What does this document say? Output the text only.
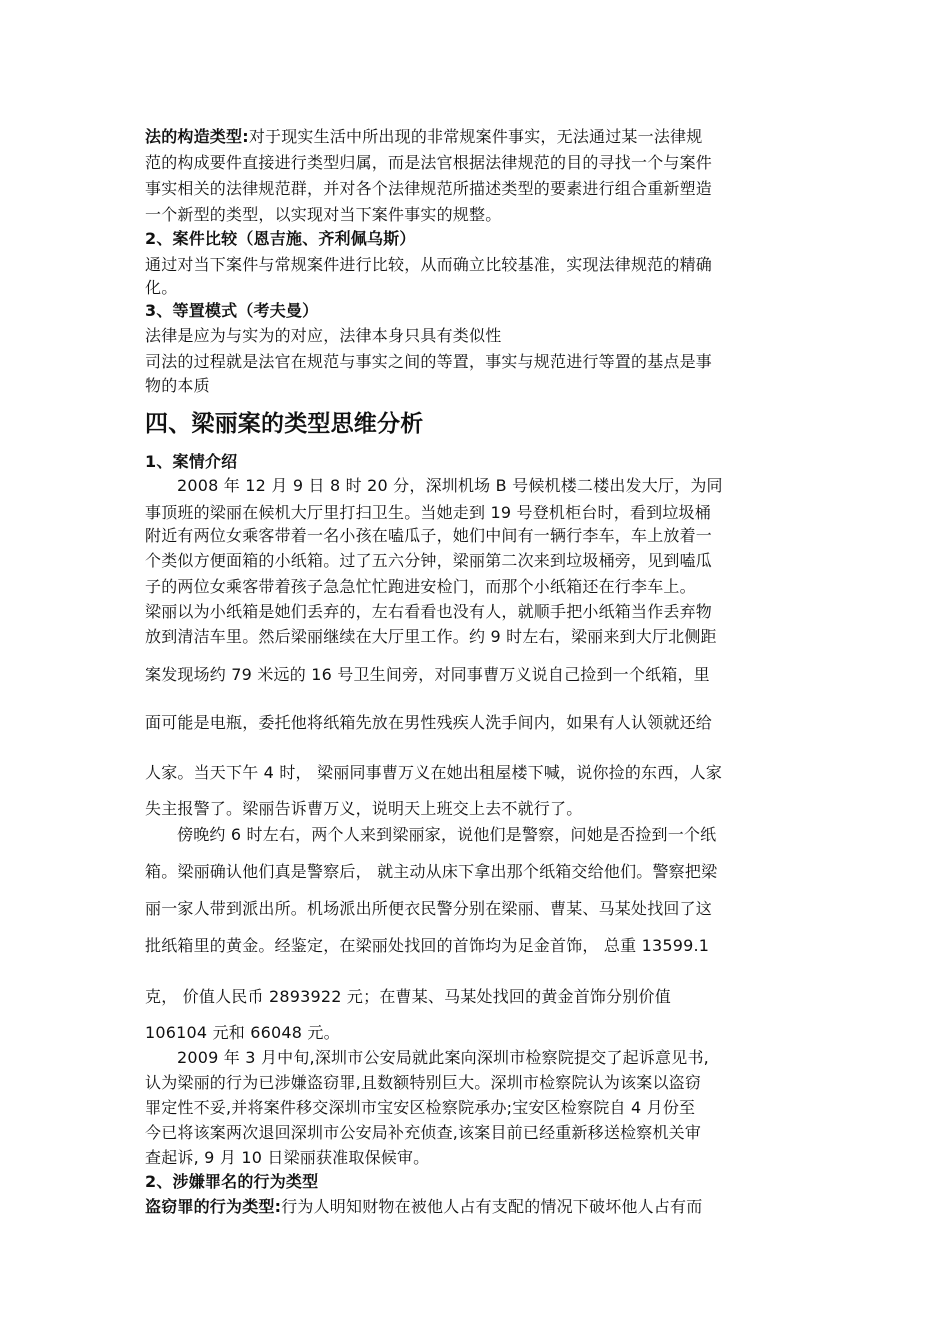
法的构造类型:对于现实生活中所出现的非常规案件事实，无法通过某一法律规
范的构成要件直接进行类型归属，而是法官根据法律规范的目的寻找一个与案件
事实相关的法律规范群，并对各个法律规范所描述类型的要素进行组合重新塑造
一个新型的类型，以实现对当下案件事实的规整。
2、案件比较（恩吉施、齐利佩乌斯）
通过对当下案件与常规案件进行比较，从而确立比较基准，实现法律规范的精确
化。
3、等置模式（考夫曼）
法律是应为与实为的对应，法律本身只具有类似性
司法的过程就是法官在规范与事实之间的等置，事实与规范进行等置的基点是事
物的本质
四、梁丽案的类型思维分析
1、案情介绍
2008 年 12 月 9 日 8 时 20 分，深圳机场 B 号候机楼二楼出发大厅，为同
事顶班的梁丽在候机大厅里打扫卫生。当她走到 19 号登机柜台时，看到垃圾桶
附近有两位女乘客带着一名小孩在嗑瓜子，她们中间有一辆行李车，车上放着一
个类似方便面箱的小纸箱。过了五六分钟，梁丽第二次来到垃圾桶旁，见到嗑瓜
子的两位女乘客带着孩子急急忙忙跑进安检门，而那个小纸箱还在行李车上。
梁丽以为小纸箱是她们丢弃的，左右看看也没有人，就顺手把小纸箱当作丢弃物
放到清洁车里。然后梁丽继续在大厅里工作。约 9 时左右，梁丽来到大厅北侧距
案发现场约 79 米远的 16 号卫生间旁，对同事曹万义说自己捡到一个纸箱，里
面可能是电瓶，委托他将纸箱先放在男性残疾人洗手间内，如果有人认领就还给
人家。当天下午 4 时， 梁丽同事曹万义在她出租屋楼下喊，说你捡的东西，人家
失主报警了。梁丽告诉曹万义，说明天上班交上去不就行了。
傍晚约 6 时左右，两个人来到梁丽家，说他们是警察，问她是否捡到一个纸
箱。梁丽确认他们真是警察后， 就主动从床下拿出那个纸箱交给他们。警察把梁
丽一家人带到派出所。机场派出所便衣民警分别在梁丽、曹某、马某处找回了这
批纸箱里的黄金。经鉴定，在梁丽处找回的首饰均为足金首饰， 总重 13599.1
克， 价值人民币 2893922 元；在曹某、马某处找回的黄金首饰分别价值
106104 元和 66048 元。
2009 年 3 月中旬,深圳市公安局就此案向深圳市检察院提交了起诉意见书,
认为梁丽的行为已涉嫌盗窃罪,且数额特别巨大。深圳市检察院认为该案以盗窃
罪定性不妥,并将案件移交深圳市宝安区检察院承办;宝安区检察院自 4 月份至
今已将该案两次退回深圳市公安局补充侦查,该案目前已经重新移送检察机关审
查起诉, 9 月 10 日梁丽获准取保候审。
2、涉嫌罪名的行为类型
盗窃罪的行为类型:行为人明知财物在被他人占有支配的情况下破坏他人占有而
